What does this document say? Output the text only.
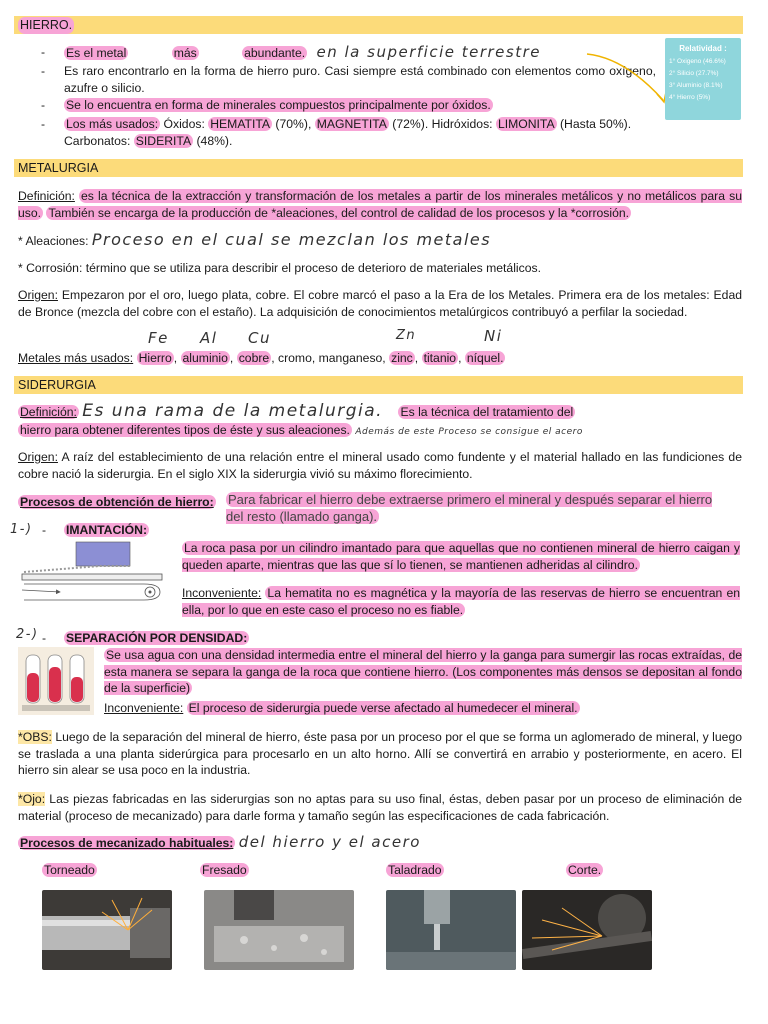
HIERRO.
- Es el metal	más	abundante. en la superficie terrestre
- Es raro encontrarlo en la forma de hierro puro. Casi siempre está combinado con elementos como oxígeno, azufre o silicio.
- Se lo encuentra en forma de minerales compuestos principalmente por óxidos.
- Los más usados: Óxidos: HEMATITA (70%), MAGNETITA (72%). Hidróxidos: LIMONITA (Hasta 50%).
Carbonatos: SIDERITA (48%).
Relatividad :
1° Oxigeno (46.6%)
2° Silicio (27.7%)
3° Aluminio (8.1%)
4° Hierro (5%)
METALURGIA
Definición: es la técnica de la extracción y transformación de los metales a partir de los minerales metálicos y no metálicos para su uso. También se encarga de la producción de *aleaciones, del control de calidad de los procesos y la *corrosión.
* Aleaciones: Proceso en el cual se mezclan los metales
* Corrosión: término que se utiliza para describir el proceso de deterioro de materiales metálicos.
Origen: Empezaron por el oro, luego plata, cobre. El cobre marcó el paso a la Era de los Metales. Primera era de los metales: Edad de Bronce (mezcla del cobre con el estaño). La adquisición de conocimientos metalúrgicos contribuyó a perfilar la sociedad.
Fe Al Cu	Zn	Ni
Metales más usados: Hierro , aluminio , cobre , cromo, manganeso, zinc , titanio , níquel.
SIDERURGIA
Definición: Es una rama de la metalurgia. Es la técnica del tratamiento del
hierro para obtener diferentes tipos de éste y sus aleaciones. Además de este Proceso se consigue el acero
Origen: A raíz del establecimiento de una relación entre el mineral usado como fundente y el material hallado en las fundiciones de cobre nació la siderurgia. En el siglo XIX la siderurgia vivió su máximo florecimiento.
Procesos de obtención de hierro: Para fabricar el hierro debe extraerse primero el mineral y después separar el hierro del resto (llamado ganga).
1-) - IMANTACIÓN:
La roca pasa por un cilindro imantado para que aquellas que no contienen mineral de hierro caigan y queden aparte, mientras que las que sí lo tienen, se mantienen adheridas al cilindro.
Inconveniente: La hematita no es magnética y la mayoría de las reservas de hierro se encuentran en ella, por lo que en este caso el proceso no es fiable.
2-) - SEPARACIÓN POR DENSIDAD:
Se usa agua con una densidad intermedia entre el mineral del hierro y la ganga para sumergir las rocas extraídas, de esta manera se separa la ganga de la roca que contiene hierro. (Los componentes más densos se depositan al fondo de la superficie)
Inconveniente: El proceso de siderurgia puede verse afectado al humedecer el mineral.
*OBS: Luego de la separación del mineral de hierro, éste pasa por un proceso por el que se forma un aglomerado de mineral, y luego se traslada a una planta siderúrgica para procesarlo en un alto horno. Allí se convertirá en arrabio y posteriormente, en acero. El hierro sin alear se usa poco en la industria.
*Ojo: Las piezas fabricadas en las siderurgias son no aptas para su uso final, éstas, deben pasar por un proceso de eliminación de material (proceso de mecanizado) para darle forma y tamaño según las especificaciones de cada fabricación.
Procesos de mecanizado habituales: del hierro y el acero
Torneado	Fresado	Taladrado	Corte.
